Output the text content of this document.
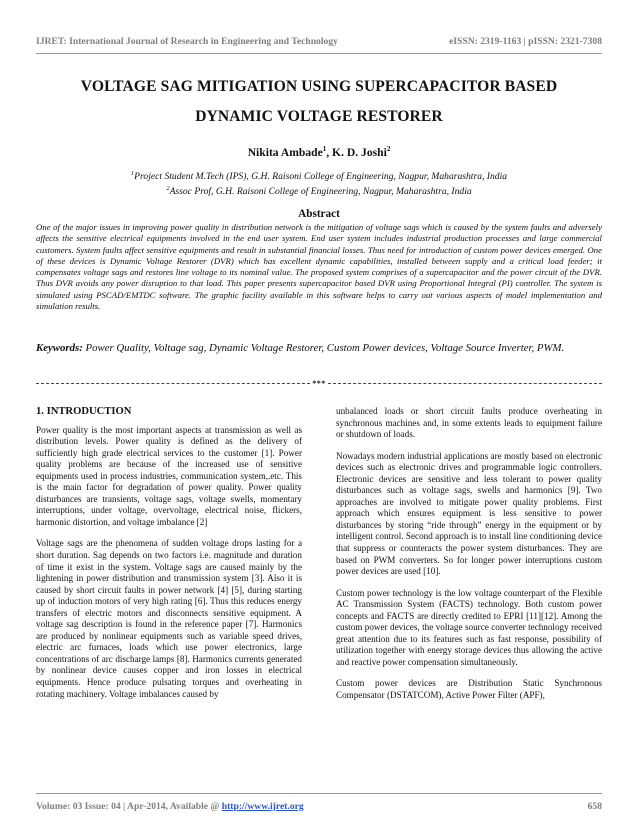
IJRET: International Journal of Research in Engineering and Technology	eISSN: 2319-1163 | pISSN: 2321-7308
VOLTAGE SAG MITIGATION USING SUPERCAPACITOR BASED
DYNAMIC VOLTAGE RESTORER
Nikita Ambade$^1$, K. D. Joshi$^2$
$^1$Project Student M.Tech (IPS), G.H. Raisoni College of Engineering, Nagpur, Maharashtra, India
$^2$Assoc Prof, G.H. Raisoni College of Engineering, Nagpur, Maharashtra, India
Abstract
One of the major issues in improving power quality in distribution network is the mitigation of voltage sags which is caused by the system faults and adversely affects the sensitive electrical equipments involved in the end user system. End user system includes industrial production processes and large commercial customers. System faults affect sensitive equipments and result in substantial financial losses. Thus need for introduction of custom power devices emerged. One of these devices is Dynamic Voltage Restorer (DVR) which has excellent dynamic capabilities, installed between supply and a critical load feeder; it compensates voltage sags and restores line voltage to its nominal value. The proposed system comprises of a supercapacitor and the power circuit of the DVR. Thus DVR avoids any power disruption to that load. This paper presents supercapacitor based DVR using Proportional Integral (PI) controller. The system is simulated using PSCAD/EMTDC software. The graphic facility available in this software helps to carry out various aspects of model implementation and simulation results.
Keywords: Power Quality, Voltage sag, Dynamic Voltage Restorer, Custom Power devices, Voltage Source Inverter, PWM.
***
1. INTRODUCTION

Power quality is the most important aspects at transmission as well as distribution levels. Power quality is defined as the delivery of sufficiently high grade electrical services to the customer [1]. Power quality problems are because of the increased use of sensitive equipments used in process industries, communication system,.etc. This is the main factor for degradation of power quality. Power quality disturbances are transients, voltage sags, voltage swells, momentary interruptions, under voltage, overvoltage, electrical noise, flickers, harmonic distortion, and voltage imbalance [2]

Voltage sags are the phenomena of sudden voltage drops lasting for a short duration. Sag depends on two factors i.e. magnitude and duration of time it exist in the system. Voltage sags are caused mainly by the lightening in power distribution and transmission system [3]. Also it is caused by short circuit faults in power network [4] [5], during starting up of induction motors of very high rating [6]. Thus this reduces energy transfers of electric motors and disconnects sensitive equipment. A voltage sag description is found in the reference paper [7]. Harmonics are produced by nonlinear equipments such as variable speed drives, electric arc furnaces, loads which use power electronics, large concentrations of arc discharge lamps [8]. Harmonics currents generated by nonlinear device causes copper and iron losses in electrical equipments. Hence produce pulsating torques and overheating in rotating machinery. Voltage imbalances caused by

unbalanced loads or short circuit faults produce overheating in synchronous machines and, in some extents leads to equipment failure or shutdown of loads.

Nowadays modern industrial applications are mostly based on electronic devices such as electronic drives and programmable logic controllers. Electronic devices are sensitive and less tolerant to power quality disturbances such as voltage sags, swells and harmonics [9]. Two approaches are involved to mitigate power quality problems. First approach which ensures equipment is less sensitive to power disturbances by storing “ride through” energy in the equipment or by intelligent control. Second approach is to install line conditioning device that suppress or counteracts the power system disturbances. They are based on PWM converters. So for longer power interruptions custom power devices are used [10].

Custom power technology is the low voltage counterpart of the Flexible AC Transmission System (FACTS) technology. Both custom power concepts and FACTS are directly credited to EPRI [11][12]. Among the custom power devices, the voltage source converter technology received great attention due to its features such as fast response, possibility of utilization together with energy storage devices thus allowing the active and reactive power compensation simultaneously.

Custom power devices are Distribution Static Synchronous Compensator (DSTATCOM), Active Power Filter (APF),

Volume: 03 Issue: 04 | Apr-2014, Available @ http://www.ijret.org	658
